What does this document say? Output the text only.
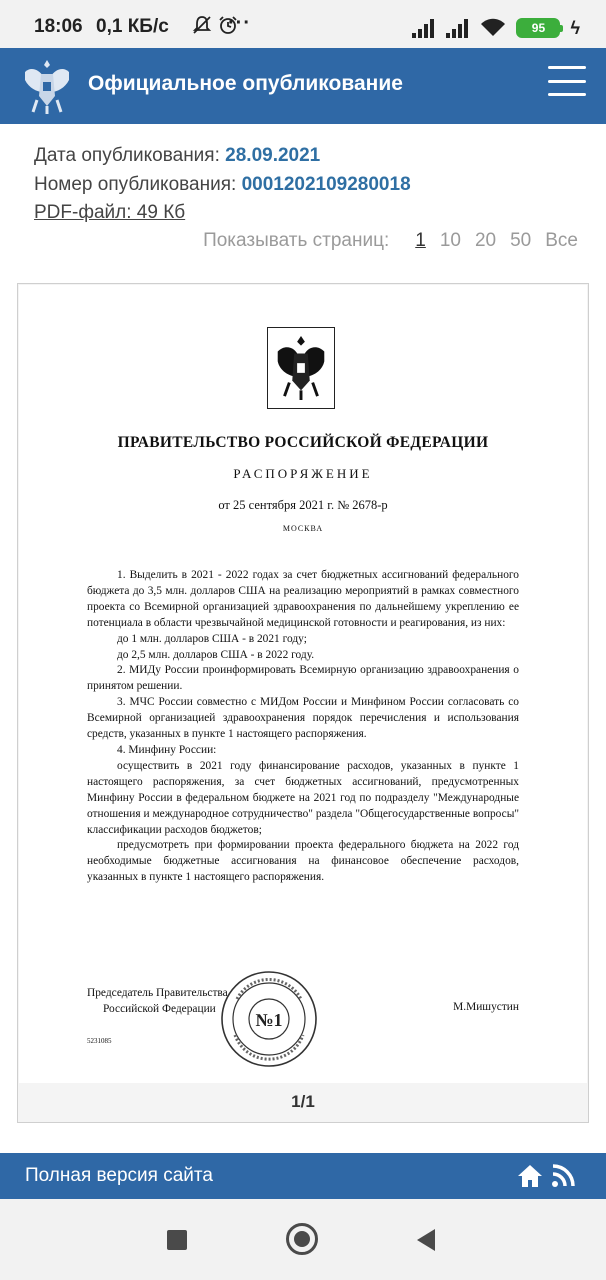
18:06 0,1 КБ/с	···	95 ϟ
Официальное опубликование
Дата опубликования: 28.09.2021
Номер опубликования: 0001202109280018
PDF-файл: 49 Кб
Показывать страниц: 1 10 20 50 Все
ПРАВИТЕЛЬСТВО РОССИЙСКОЙ ФЕДЕРАЦИИ
РАСПОРЯЖЕНИЕ
от 25 сентября 2021 г. № 2678-р
МОСКВА

1. Выделить в 2021 - 2022 годах за счет бюджетных ассигнований федерального бюджета до 3,5 млн. долларов США на реализацию мероприятий в рамках совместного проекта со Всемирной организацией здравоохранения по дальнейшему укреплению ее потенциала в области чрезвычайной медицинской готовности и реагирования, из них:

до 1 млн. долларов США - в 2021 году;

до 2,5 млн. долларов США - в 2022 году.

2. МИДу России проинформировать Всемирную организацию здравоохранения о принятом решении.

3. МЧС России совместно с МИДом России и Минфином России согласовать со Всемирной организацией здравоохранения порядок перечисления и использования средств, указанных в пункте 1 настоящего распоряжения.

4. Минфину России:

осуществить в 2021 году финансирование расходов, указанных в пункте 1 настоящего распоряжения, за счет бюджетных ассигнований, предусмотренных Минфину России в федеральном бюджете на 2021 год по подразделу "Международные отношения и международное сотрудничество" раздела "Общегосударственные вопросы" классификации расходов бюджетов;

предусмотреть при формировании проекта федерального бюджета на 2022 год необходимые бюджетные ассигнования на финансовое обеспечение расходов, указанных в пункте 1 настоящего распоряжения.

Председатель Правительства
Российской Федерации
№1
М.Мишустин
5231085
1/1
Полная версия сайта
